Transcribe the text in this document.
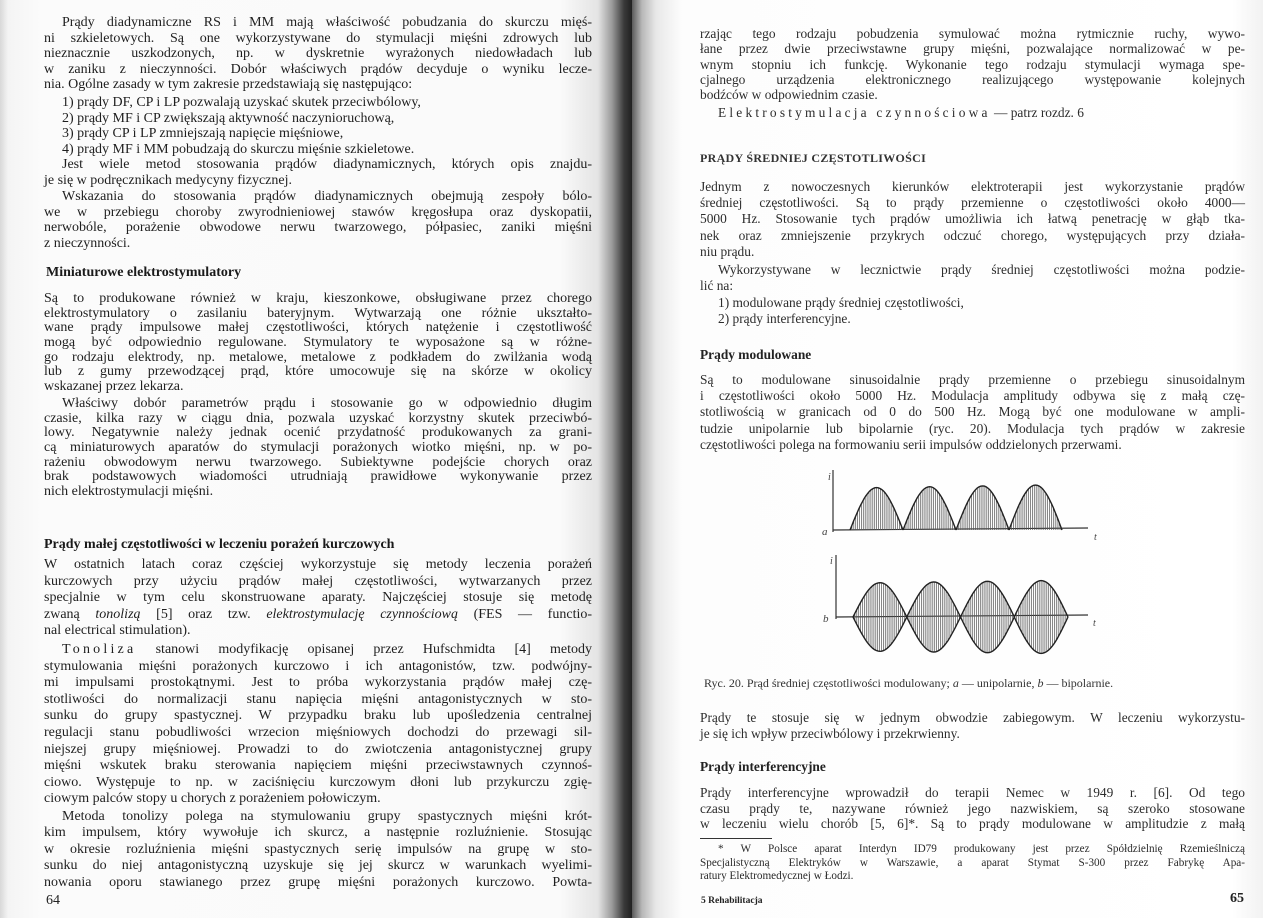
Prądy diadynamiczne RS i MM mają właściwość pobudzania do skurczu mięś-
ni szkieletowych. Są one wykorzystywane do stymulacji mięśni zdrowych lub
nieznacznie uszkodzonych, np. w dyskretnie wyrażonych niedowładach lub
w zaniku z nieczynności. Dobór właściwych prądów decyduje o wyniku lecze-
nia. Ogólne zasady w tym zakresie przedstawiają się następująco:
1) prądy DF, CP i LP pozwalają uzyskać skutek przeciwbólowy,
2) prądy MF i CP zwiększają aktywność naczynioruchową,
3) prądy CP i LP zmniejszają napięcie mięśniowe,
4) prądy MF i MM pobudzają do skurczu mięśnie szkieletowe.
Jest wiele metod stosowania prądów diadynamicznych, których opis znajdu-
je się w podręcznikach medycyny fizycznej.
Wskazania do stosowania prądów diadynamicznych obejmują zespoły bólo-
we w przebiegu choroby zwyrodnieniowej stawów kręgosłupa oraz dyskopatii,
nerwobóle, porażenie obwodowe nerwu twarzowego, półpasiec, zaniki mięśni
z nieczynności.
Miniaturowe elektrostymulatory
Są to produkowane również w kraju, kieszonkowe, obsługiwane przez chorego
elektrostymulatory o zasilaniu bateryjnym. Wytwarzają one różnie ukształto-
wane prądy impulsowe małej częstotliwości, których natężenie i częstotliwość
mogą być odpowiednio regulowane. Stymulatory te wyposażone są w różne-
go rodzaju elektrody, np. metalowe, metalowe z podkładem do zwilżania wodą
lub z gumy przewodzącej prąd, które umocowuje się na skórze w okolicy
wskazanej przez lekarza.
Właściwy dobór parametrów prądu i stosowanie go w odpowiednio długim
czasie, kilka razy w ciągu dnia, pozwala uzyskać korzystny skutek przeciwbó-
lowy. Negatywnie należy jednak ocenić przydatność produkowanych za grani-
cą miniaturowych aparatów do stymulacji porażonych wiotko mięśni, np. w po-
rażeniu obwodowym nerwu twarzowego. Subiektywne podejście chorych oraz
brak podstawowych wiadomości utrudniają prawidłowe wykonywanie przez
nich elektrostymulacji mięśni.
Prądy małej częstotliwości w leczeniu porażeń kurczowych
W ostatnich latach coraz częściej wykorzystuje się metody leczenia porażeń
kurczowych przy użyciu prądów małej częstotliwości, wytwarzanych przez
specjalnie w tym celu skonstruowane aparaty. Najczęściej stosuje się metodę
zwaną tonolizą [5] oraz tzw. elektrostymulację czynnościową (FES — functio-
nal electrical stimulation).
Tonoliza stanowi modyfikację opisanej przez Hufschmidta [4] metody
stymulowania mięśni porażonych kurczowo i ich antagonistów, tzw. podwójny-
mi impulsami prostokątnymi. Jest to próba wykorzystania prądów małej czę-
stotliwości do normalizacji stanu napięcia mięśni antagonistycznych w sto-
sunku do grupy spastycznej. W przypadku braku lub upośledzenia centralnej
regulacji stanu pobudliwości wrzecion mięśniowych dochodzi do przewagi sil-
niejszej grupy mięśniowej. Prowadzi to do zwiotczenia antagonistycznej grupy
mięśni wskutek braku sterowania napięciem mięśni przeciwstawnych czynnoś-
ciowo. Występuje to np. w zaciśnięciu kurczowym dłoni lub przykurczu zgię-
ciowym palców stopy u chorych z porażeniem połowiczym.
Metoda tonolizy polega na stymulowaniu grupy spastycznych mięśni krót-
kim impulsem, który wywołuje ich skurcz, a następnie rozluźnienie. Stosując
w okresie rozluźnienia mięśni spastycznych serię impulsów na grupę w sto-
sunku do niej antagonistyczną uzyskuje się jej skurcz w warunkach wyelimi-
nowania oporu stawianego przez grupę mięśni porażonych kurczowo. Powta-
64
rzając tego rodzaju pobudzenia symulować można rytmicznie ruchy, wywo-
łane przez dwie przeciwstawne grupy mięśni, pozwalające normalizować w pe-
wnym stopniu ich funkcję. Wykonanie tego rodzaju stymulacji wymaga spe-
cjalnego urządzenia elektronicznego realizującego występowanie kolejnych
bodźców w odpowiednim czasie.
Elektrostymulacja czynnościowa — patrz rozdz. 6
PRĄDY ŚREDNIEJ CZĘSTOTLIWOŚCI
Jednym z nowoczesnych kierunków elektroterapii jest wykorzystanie prądów
średniej częstotliwości. Są to prądy przemienne o częstotliwości około 4000—
5000 Hz. Stosowanie tych prądów umożliwia ich łatwą penetrację w głąb tka-
nek oraz zmniejszenie przykrych odczuć chorego, występujących przy działa-
niu prądu.
Wykorzystywane w lecznictwie prądy średniej częstotliwości można podzie-
lić na:
1) modulowane prądy średniej częstotliwości,
2) prądy interferencyjne.
Prądy modulowane
Są to modulowane sinusoidalnie prądy przemienne o przebiegu sinusoidalnym
i częstotliwości około 5000 Hz. Modulacja amplitudy odbywa się z małą czę-
stotliwością w granicach od 0 do 500 Hz. Mogą być one modulowane w ampli-
tudzie unipolarnie lub bipolarnie (ryc. 20). Modulacja tych prądów w zakresie
częstotliwości polega na formowaniu serii impulsów oddzielonych przerwami.
i
a	t
i
b	t
Ryc. 20. Prąd średniej częstotliwości modulowany; a — unipolarnie, b — bipolarnie.
Prądy te stosuje się w jednym obwodzie zabiegowym. W leczeniu wykorzystu-
je się ich wpływ przeciwbólowy i przekrwienny.
Prądy interferencyjne
Prądy interferencyjne wprowadził do terapii Nemec w 1949 r. [6]. Od tego
czasu prądy te, nazywane również jego nazwiskiem, są szeroko stosowane
w leczeniu wielu chorób [5, 6]*. Są to prądy modulowane w amplitudzie z małą
* W Polsce aparat Interdyn ID79 produkowany jest przez Spółdzielnię Rzemieślniczą
Specjalistyczną Elektryków w Warszawie, a aparat Stymat S-300 przez Fabrykę Apa-
ratury Elektromedycznej w Łodzi.
5 Rehabilitacja	65
